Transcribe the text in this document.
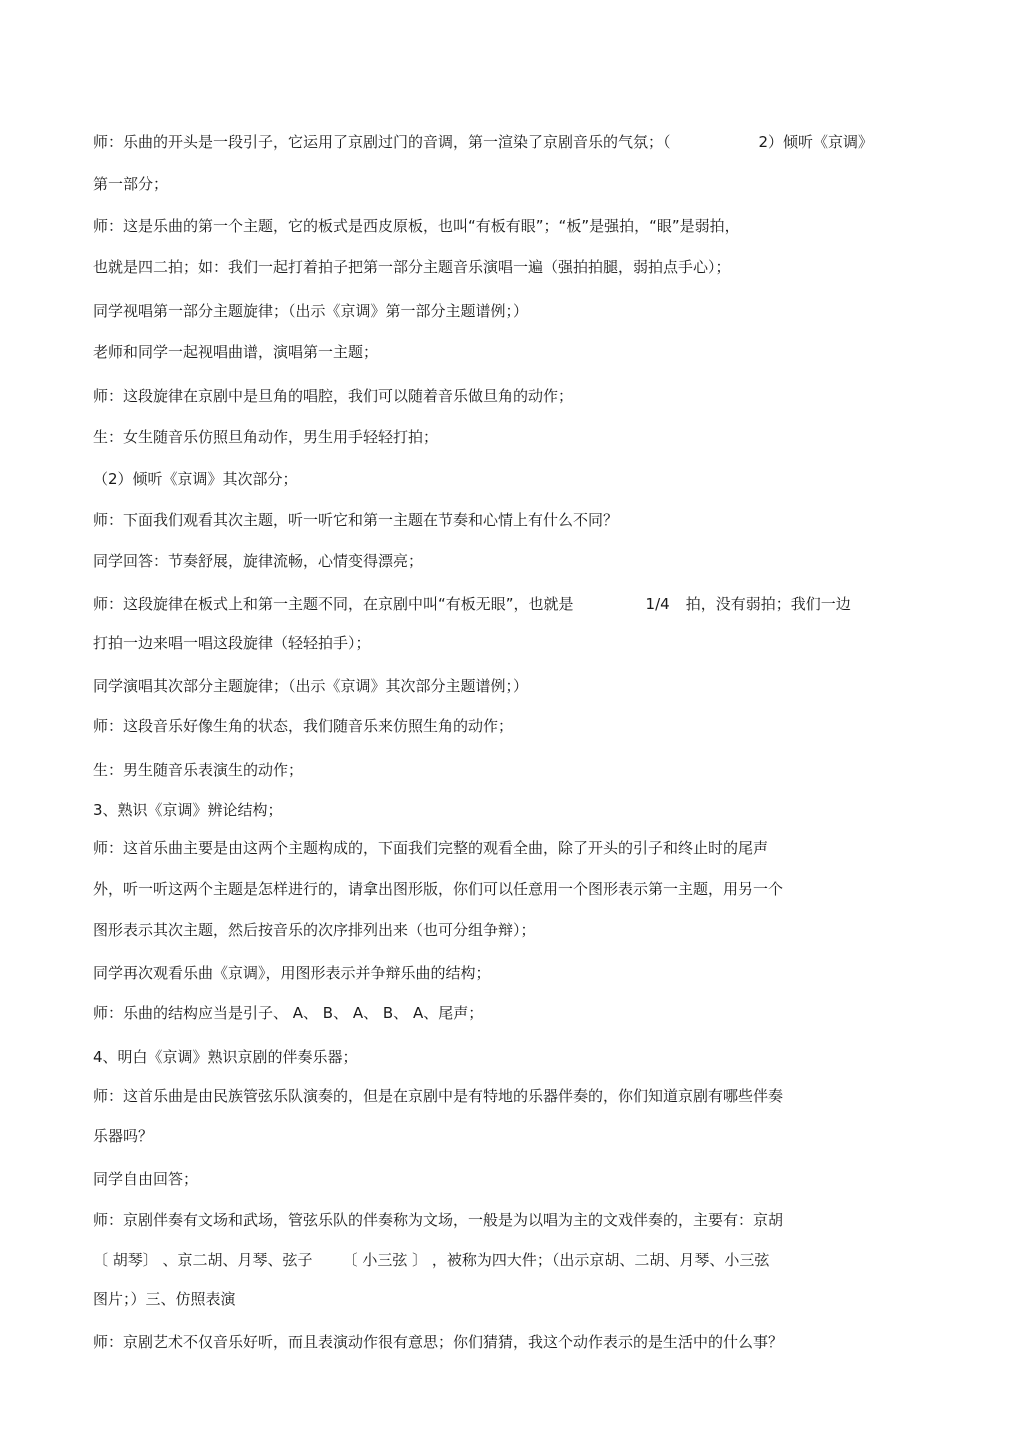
师：乐曲的开头是一段引子，它运用了京剧过门的音调，第一渲染了京剧音乐的气氛；（	2）倾听《京调》
第一部分；
师：这是乐曲的第一个主题，它的板式是西皮原板，也叫“有板有眼”；“板”是强拍，“眼”是弱拍，
也就是四二拍；如：我们一起打着拍子把第一部分主题音乐演唱一遍（强拍拍腿，弱拍点手心）；
同学视唱第一部分主题旋律；（出示《京调》第一部分主题谱例；）
老师和同学一起视唱曲谱，演唱第一主题；
师：这段旋律在京剧中是旦角的唱腔，我们可以随着音乐做旦角的动作；
生：女生随音乐仿照旦角动作，男生用手轻轻打拍；
（2）倾听《京调》其次部分；
师：下面我们观看其次主题，听一听它和第一主题在节奏和心情上有什么不同？
同学回答：节奏舒展，旋律流畅，心情变得漂亮；
师：这段旋律在板式上和第一主题不同，在京剧中叫“有板无眼”，也就是	1/4 拍，没有弱拍；我们一边
打拍一边来唱一唱这段旋律（轻轻拍手）；
同学演唱其次部分主题旋律；（出示《京调》其次部分主题谱例；）
师：这段音乐好像生角的状态，我们随音乐来仿照生角的动作；
生：男生随音乐表演生的动作；
3、熟识《京调》辨论结构；
师：这首乐曲主要是由这两个主题构成的，下面我们完整的观看全曲，除了开头的引子和终止时的尾声
外，听一听这两个主题是怎样进行的，请拿出图形版，你们可以任意用一个图形表示第一主题，用另一个
图形表示其次主题，然后按音乐的次序排列出来（也可分组争辩）；
同学再次观看乐曲《京调》，用图形表示并争辩乐曲的结构；
师：乐曲的结构应当是引子、 A、 B、 A、 B、 A、尾声；
4、明白《京调》熟识京剧的伴奏乐器；
师：这首乐曲是由民族管弦乐队演奏的，但是在京剧中是有特地的乐器伴奏的，你们知道京剧有哪些伴奏
乐器吗？
同学自由回答；
师：京剧伴奏有文场和武场，管弦乐队的伴奏称为文场，一般是为以唱为主的文戏伴奏的，主要有：京胡
〔 胡琴〕 、京二胡、月琴、弦子 〔 小三弦 〕 ，被称为四大件；（出示京胡、二胡、月琴、小三弦
图片；）三、仿照表演
师：京剧艺术不仅音乐好听，而且表演动作很有意思；你们猜猜，我这个动作表示的是生活中的什么事？
